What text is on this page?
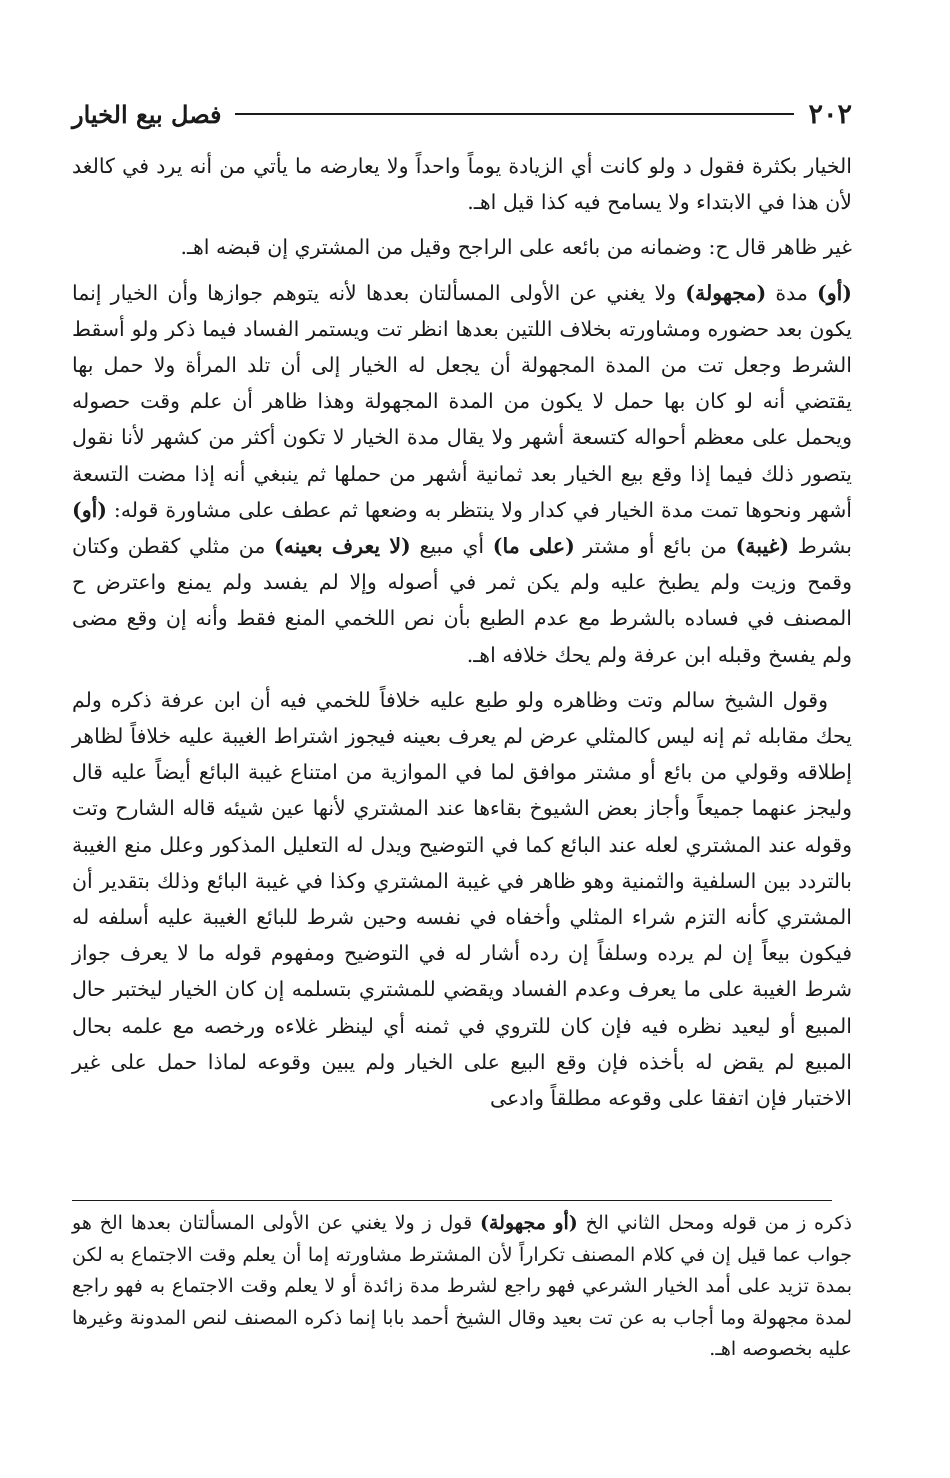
فصل بيع الخيار	٢٠٢

الخيار بكثرة فقول د ولو كانت أي الزيادة يوماً واحداً ولا يعارضه ما يأتي من أنه يرد في كالغد لأن هذا في الابتداء ولا يسامح فيه كذا قيل اهـ.

غير ظاهر قال ح: وضمانه من بائعه على الراجح وقيل من المشتري إن قبضه اهـ.

(أو) مدة (مجهولة) ولا يغني عن الأولى المسألتان بعدها لأنه يتوهم جوازها وأن الخيار إنما يكون بعد حضوره ومشاورته بخلاف اللتين بعدها انظر تت ويستمر الفساد فيما ذكر ولو أسقط الشرط وجعل تت من المدة المجهولة أن يجعل له الخيار إلى أن تلد المرأة ولا حمل بها يقتضي أنه لو كان بها حمل لا يكون من المدة المجهولة وهذا ظاهر أن علم وقت حصوله ويحمل على معظم أحواله كتسعة أشهر ولا يقال مدة الخيار لا تكون أكثر من كشهر لأنا نقول يتصور ذلك فيما إذا وقع بيع الخيار بعد ثمانية أشهر من حملها ثم ينبغي أنه إذا مضت التسعة أشهر ونحوها تمت مدة الخيار في كدار ولا ينتظر به وضعها ثم عطف على مشاورة قوله: (أو) بشرط (غيبة) من بائع أو مشتر (على ما) أي مبيع (لا يعرف بعينه) من مثلي كقطن وكتان وقمح وزيت ولم يطبخ عليه ولم يكن ثمر في أصوله وإلا لم يفسد ولم يمنع واعترض ح المصنف في فساده بالشرط مع عدم الطبع بأن نص اللخمي المنع فقط وأنه إن وقع مضى ولم يفسخ وقبله ابن عرفة ولم يحك خلافه اهـ.

وقول الشيخ سالم وتت وظاهره ولو طبع عليه خلافاً للخمي فيه أن ابن عرفة ذكره ولم يحك مقابله ثم إنه ليس كالمثلي عرض لم يعرف بعينه فيجوز اشتراط الغيبة عليه خلافاً لظاهر إطلاقه وقولي من بائع أو مشتر موافق لما في الموازية من امتناع غيبة البائع أيضاً عليه قال وليجز عنهما جميعاً وأجاز بعض الشيوخ بقاءها عند المشتري لأنها عين شيئه قاله الشارح وتت وقوله عند المشتري لعله عند البائع كما في التوضيح ويدل له التعليل المذكور وعلل منع الغيبة بالتردد بين السلفية والثمنية وهو ظاهر في غيبة المشتري وكذا في غيبة البائع وذلك بتقدير أن المشتري كأنه التزم شراء المثلي وأخفاه في نفسه وحين شرط للبائع الغيبة عليه أسلفه له فيكون بيعاً إن لم يرده وسلفاً إن رده أشار له في التوضيح ومفهوم قوله ما لا يعرف جواز شرط الغيبة على ما يعرف وعدم الفساد ويقضي للمشتري بتسلمه إن كان الخيار ليختبر حال المبيع أو ليعيد نظره فيه فإن كان للتروي في ثمنه أي لينظر غلاءه ورخصه مع علمه بحال المبيع لم يقض له بأخذه فإن وقع البيع على الخيار ولم يبين وقوعه لماذا حمل على غير الاختبار فإن اتفقا على وقوعه مطلقاً وادعى

ذكره ز من قوله ومحل الثاني الخ (أو مجهولة) قول ز ولا يغني عن الأولى المسألتان بعدها الخ هو جواب عما قيل إن في كلام المصنف تكراراً لأن المشترط مشاورته إما أن يعلم وقت الاجتماع به لكن بمدة تزيد على أمد الخيار الشرعي فهو راجع لشرط مدة زائدة أو لا يعلم وقت الاجتماع به فهو راجع لمدة مجهولة وما أجاب به عن تت بعيد وقال الشيخ أحمد بابا إنما ذكره المصنف لنص المدونة وغيرها عليه بخصوصه اهـ.
